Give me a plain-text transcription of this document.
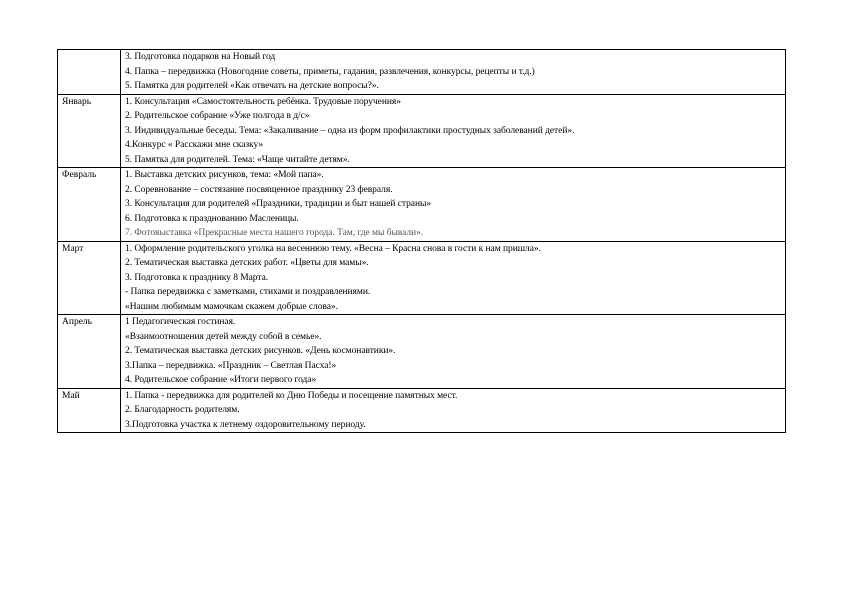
	3. Подготовка подарков на Новый год
4. Папка – передвижка (Новогодние советы, приметы, гадания, развлечения, конкурсы, рецепты и т.д.)
5. Памятка для родителей «Как отвечать на детские вопросы?».

Январь	1. Консультация «Самостоятельность ребёнка. Трудовые поручения»
2. Родительское собрание «Уже полгода в д/с»
3. Индивидуальные беседы. Тема: «Закаливание – одна из форм профилактики простудных заболеваний детей».
4.Конкурс « Расскажи мне сказку»
5. Памятка для родителей. Тема: «Чаще читайте детям».

Февраль	1. Выставка детских рисунков, тема: «Мой папа».
2. Соревнование – состязание посвященное празднику 23 февраля.
3. Консультация для родителей «Праздники, традиции и быт нашей страны»
6. Подготовка к празднованию Масленицы.
7. Фотовыставка «Прекрасные места нашего города. Там, где мы бывали».

Март	1. Оформление родительского уголка на весеннюю тему. «Весна – Красна снова в гости к нам пришла».
2. Тематическая выставка детских работ. «Цветы для мамы».
3. Подготовка к празднику 8 Марта.
- Папка передвижка с заметками, стихами и поздравлениями.
«Нашим любимым мамочкам скажем добрые слова».

Апрель	1 Педагогическая гостиная.
«Взаимоотношения детей между собой в семье».
2. Тематическая выставка детских рисунков. «День космонавтики».
3.Папка – передвижка. «Праздник – Светлая Пасха!»
4. Родительское собрание «Итоги первого года»

Май	1. Папка - передвижка для родителей ко Дню Победы и посещение памятных мест.
2. Благодарность родителям.
3.Подготовка участка к летнему оздоровительному периоду.
